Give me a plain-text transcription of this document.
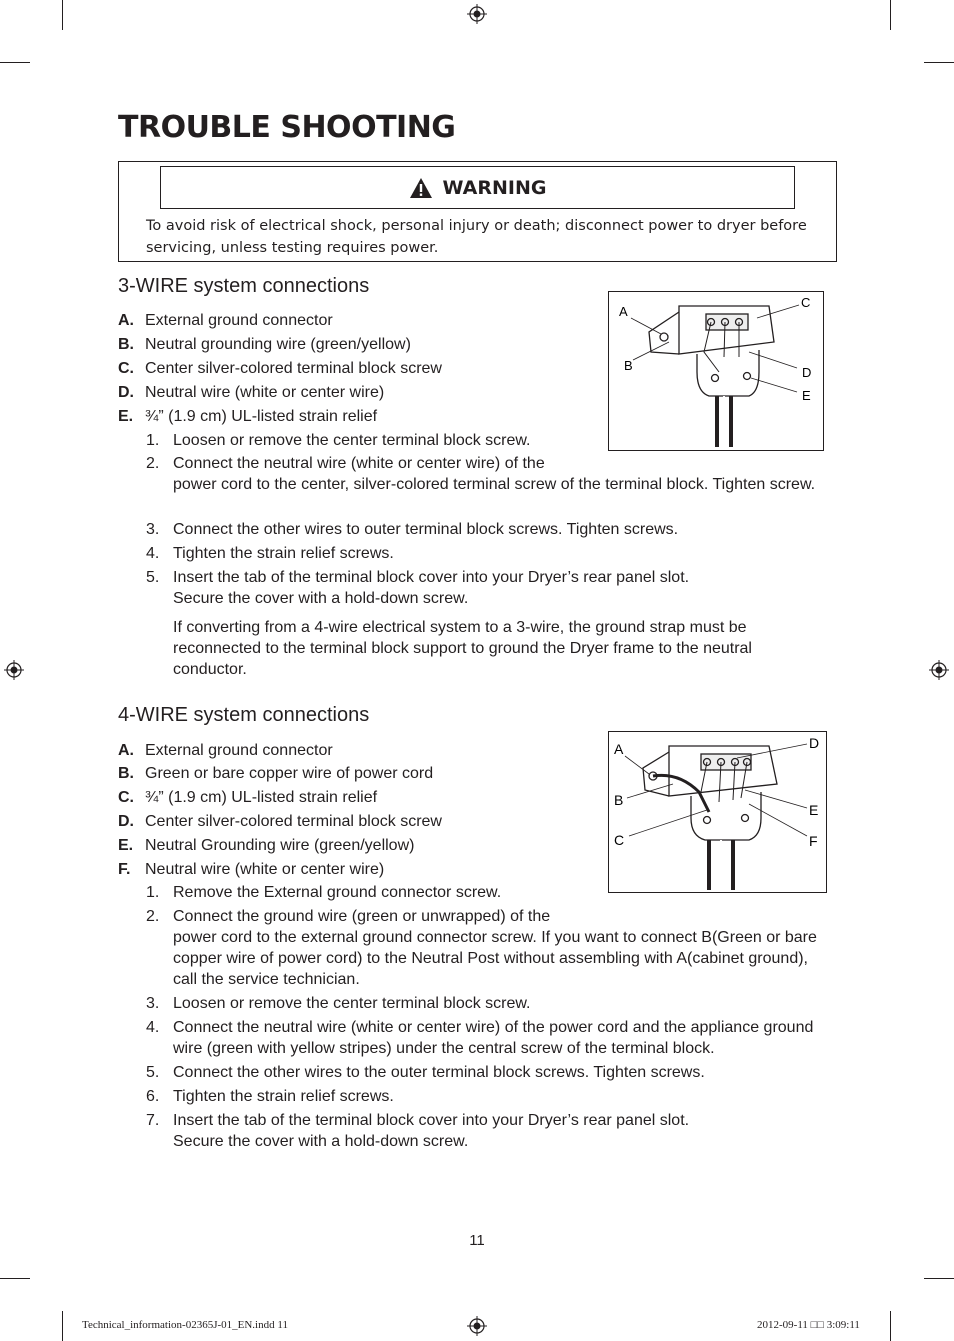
TROUBLE SHOOTING
WARNING
To avoid risk of electrical shock, personal injury or death; disconnect power to dryer before servicing, unless testing requires power.
3-WIRE system connections
A. External ground connector
B. Neutral grounding wire (green/yellow)
C. Center silver-colored terminal block screw
D. Neutral wire (white or center wire)
E. ¾” (1.9 cm) UL-listed strain relief
1. Loosen or remove the center terminal block screw.
2. Connect the neutral wire (white or center wire) of the
power cord to the center, silver-colored terminal screw of the terminal block. Tighten screw.
3. Connect the other wires to outer terminal block screws. Tighten screws.
4. Tighten the strain relief screws.
5. Insert the tab of the terminal block cover into your Dryer’s rear panel slot.
Secure the cover with a hold-down screw.
If converting from a 4-wire electrical system to a 3-wire, the ground strap must be reconnected to the terminal block support to ground the Dryer frame to the neutral conductor.
A
B
C
D
E
4-WIRE system connections
A. External ground connector
B. Green or bare copper wire of power cord
C. ¾” (1.9 cm) UL-listed strain relief
D. Center silver-colored terminal block screw
E. Neutral Grounding wire (green/yellow)
F. Neutral wire (white or center wire)
1. Remove the External ground connector screw.
2. Connect the ground wire (green or unwrapped) of the
power cord to the external ground connector screw. If you want to connect B(Green or bare copper wire of power cord) to the Neutral Post without assembling with A(cabinet ground), call the service technician.
3. Loosen or remove the center terminal block screw.
4. Connect the neutral wire (white or center wire) of the power cord and the appliance ground wire (green with yellow stripes) under the central screw of the terminal block.
5. Connect the other wires to the outer terminal block screws. Tighten screws.
6. Tighten the strain relief screws.
7. Insert the tab of the terminal block cover into your Dryer’s rear panel slot.
Secure the cover with a hold-down screw.
A
B
C
D
E
F
11
Technical_information-02365J-01_EN.indd 11	2012-09-11 □□ 3:09:11
